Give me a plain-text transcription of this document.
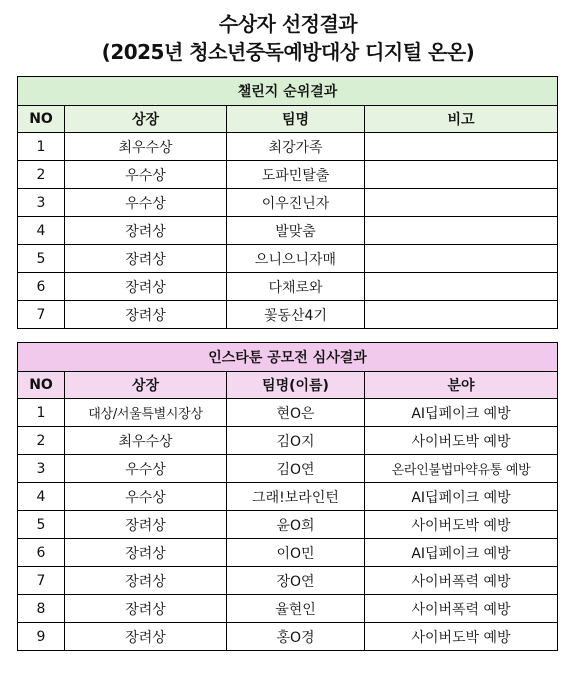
수상자 선정결과
(2025년 청소년중독예방대상 디지털 온온)
챌린지 순위결과			
NO	상장	팀명	비고
1	최우수상	최강가족	
2	우수상	도파민탈출	
3	우수상	이우진닌자	
4	장려상	발맞춤	
5	장려상	으니으니자매	
6	장려상	다채로와	
7	장려상	꽃동산4기	
인스타툰 공모전 심사결과			
NO	상장	팀명(이름)	분야
1	대상/서울특별시장상	현O은	AI딥페이크 예방
2	최우수상	김O지	사이버도박 예방
3	우수상	김O연	온라인불법마약유통 예방
4	우수상	그래!보라인턴	AI딥페이크 예방
5	장려상	윤O희	사이버도박 예방
6	장려상	이O민	AI딥페이크 예방
7	장려상	장O연	사이버폭력 예방
8	장려상	율현인	사이버폭력 예방
9	장려상	홍O경	사이버도박 예방
